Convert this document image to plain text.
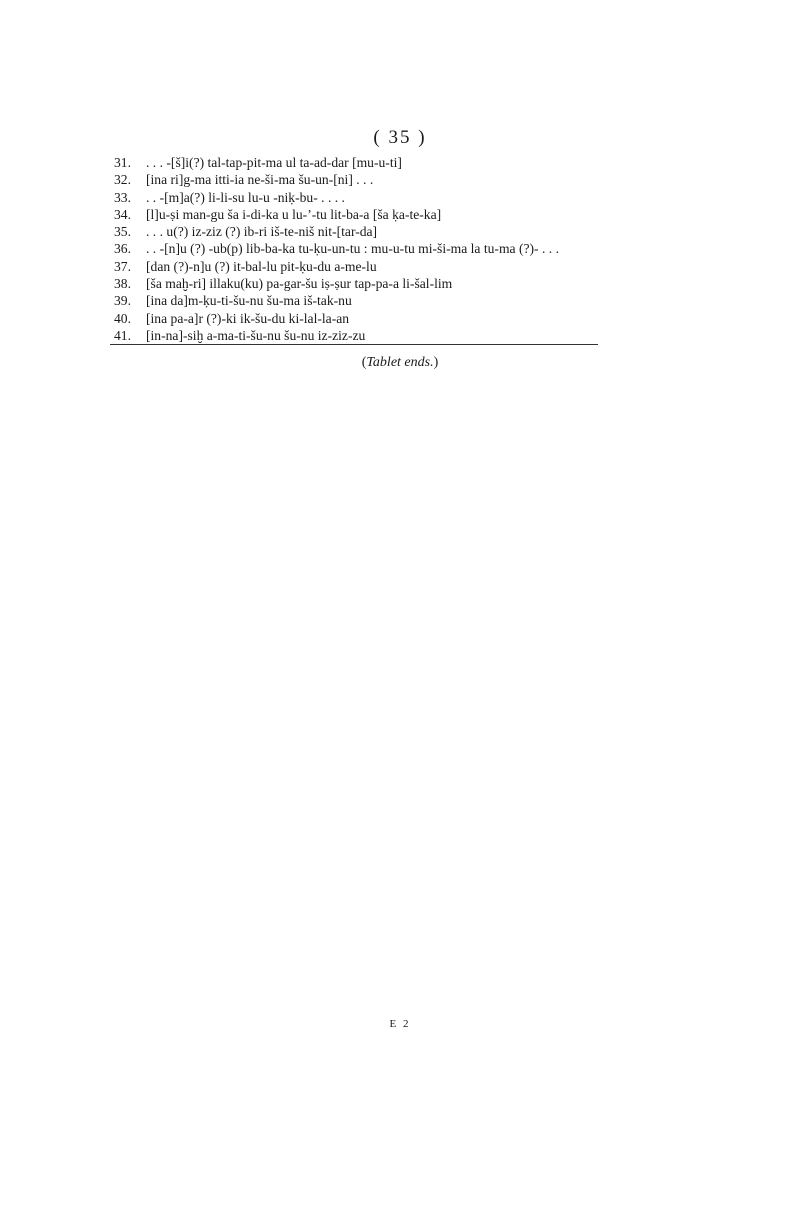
( 35 )
31.	. . . -[š]i(?) tal-tap-pit-ma ul ta-ad-dar [mu-u-ti]
32.	[ina ri]g-ma itti-ia ne-ši-ma šu-un-[ni] . . .
33.	. . -[m]a(?) li-li-su lu-u -niḳ-bu- . . . .
34.	[l]u-ṣi man-gu ša i-di-ka u lu-’-tu lit-ba-a [ša ḳa-te-ka]
35.	. . . u(?) iz-ziz (?) ib-ri iš-te-niš nit-[tar-da]
36.	. . -[n]u (?) -ub(p) lib-ba-ka tu-ḳu-un-tu : mu-u-tu mi-ši-ma la tu-ma (?)- . . .
37.	[dan (?)-n]u (?) it-bal-lu pit-ḳu-du a-me-lu
38.	[ša maḫ-ri] illaku(ku) pa-gar-šu iṣ-ṣur tap-pa-a li-šal-lim
39.	[ina da]m-ḳu-ti-šu-nu šu-ma iš-tak-nu
40.	[ina pa-a]r (?)-ki ik-šu-du ki-lal-la-an
41.	[in-na]-siḫ a-ma-ti-šu-nu šu-nu iz-ziz-zu
(Tablet ends.)
E 2
